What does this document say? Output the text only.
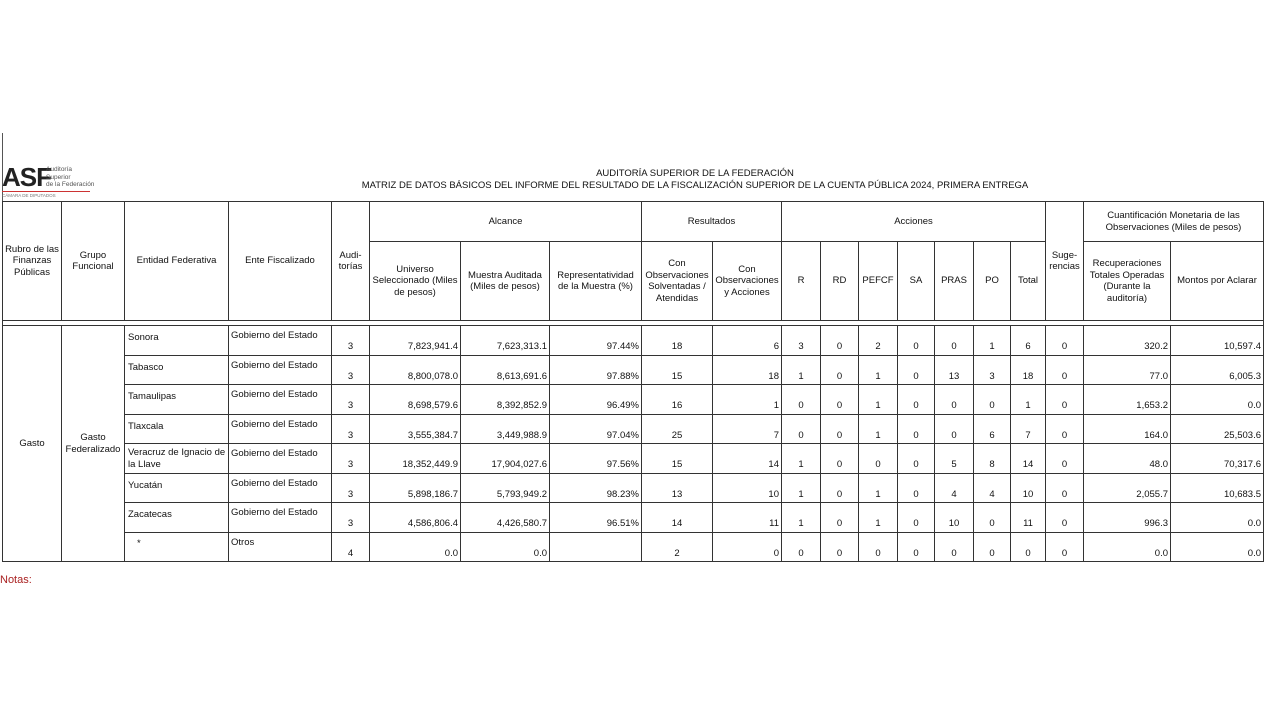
ASF
Auditoría
Superior
de la Federación
CÁMARA DE DIPUTADOS
AUDITORÍA SUPERIOR DE LA FEDERACIÓN
MATRIZ DE DATOS BÁSICOS DEL INFORME DEL RESULTADO DE LA FISCALIZACIÓN SUPERIOR DE LA CUENTA PÚBLICA 2024, PRIMERA ENTREGA
Rubro de las Finanzas Públicas	Grupo Funcional	Entidad Federativa	Ente Fiscalizado	Audi- torías	Alcance			Resultados		Acciones							Suge- rencias	Cuantificación Monetaria de las Observaciones (Miles de pesos)	
					Universo Seleccionado (Miles de pesos)	Muestra Auditada (Miles de pesos)	Representatividad de la Muestra (%)	Con Observaciones Solventadas / Atendidas	Con Observaciones y Acciones	R	RD	PEFCF	SA	PRAS	PO	Total		Recuperaciones Totales Operadas (Durante la auditoría)	Montos por Aclarar

Gasto	Gasto Federalizado	Sonora	Gobierno del Estado	3	7,823,941.4	7,623,313.1	97.44%	18	6	3	0	2	0	0	1	6	0	320.2	10,597.4
		Tabasco	Gobierno del Estado	3	8,800,078.0	8,613,691.6	97.88%	15	18	1	0	1	0	13	3	18	0	77.0	6,005.3
		Tamaulipas	Gobierno del Estado	3	8,698,579.6	8,392,852.9	96.49%	16	1	0	0	1	0	0	0	1	0	1,653.2	0.0
		Tlaxcala	Gobierno del Estado	3	3,555,384.7	3,449,988.9	97.04%	25	7	0	0	1	0	0	6	7	0	164.0	25,503.6
		Veracruz de Ignacio de la Llave	Gobierno del Estado	3	18,352,449.9	17,904,027.6	97.56%	15	14	1	0	0	0	5	8	14	0	48.0	70,317.6
		Yucatán	Gobierno del Estado	3	5,898,186.7	5,793,949.2	98.23%	13	10	1	0	1	0	4	4	10	0	2,055.7	10,683.5
		Zacatecas	Gobierno del Estado	3	4,586,806.4	4,426,580.7	96.51%	14	11	1	0	1	0	10	0	11	0	996.3	0.0
		*	Otros	4	0.0	0.0		2	0	0	0	0	0	0	0	0	0	0.0	0.0
Notas:
